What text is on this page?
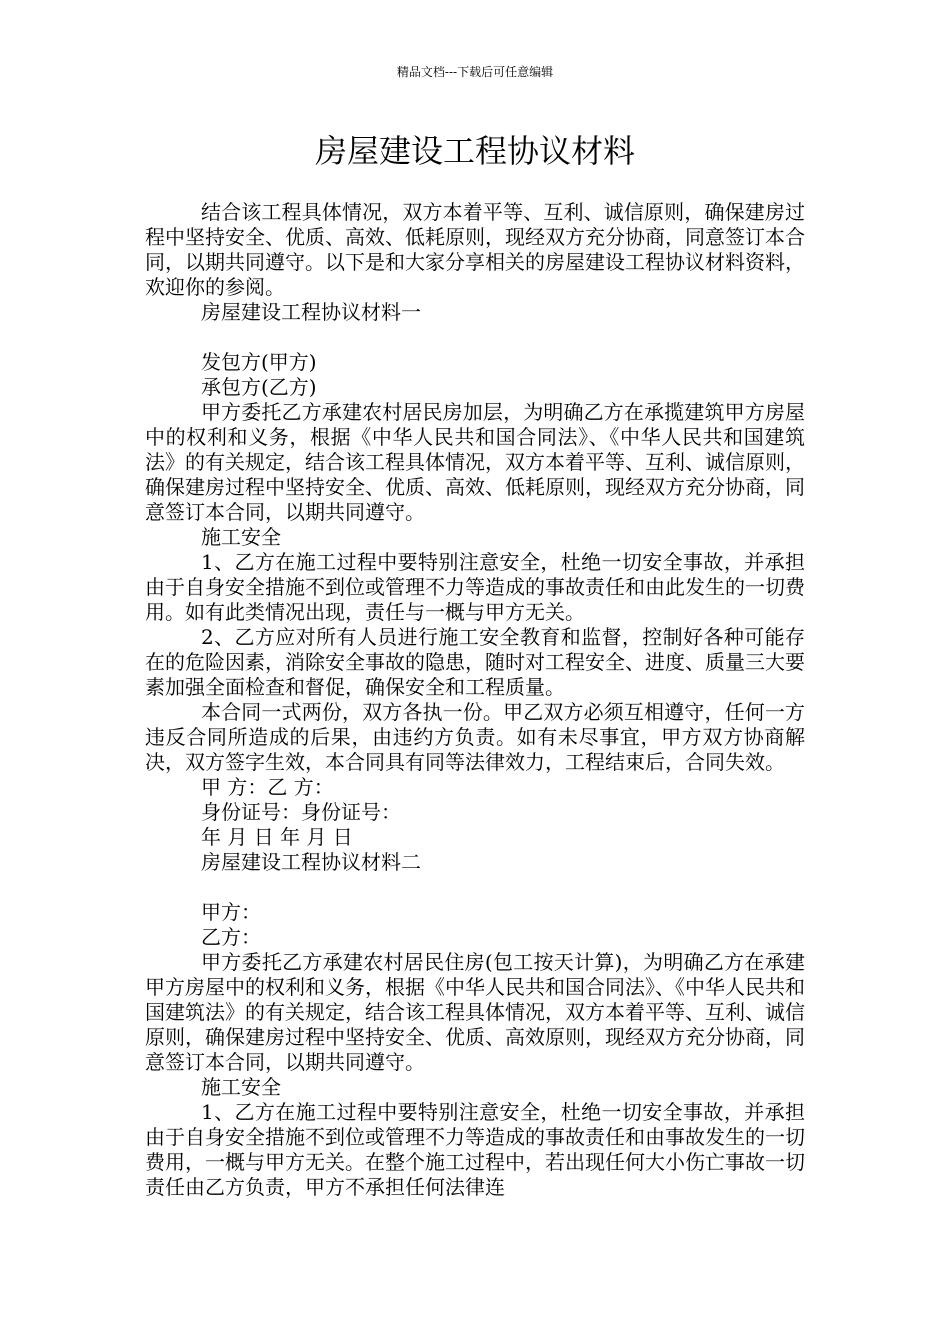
精品文档---下载后可任意编辑
房屋建设工程协议材料

结合该工程具体情况，双方本着平等、互利、诚信原则，确保建房过程中坚持安全、优质、高效、低耗原则，现经双方充分协商，同意签订本合同，以期共同遵守。以下是和大家分享相关的房屋建设工程协议材料资料，欢迎你的参阅。

房屋建设工程协议材料一

发包方(甲方)

承包方(乙方)

甲方委托乙方承建农村居民房加层，为明确乙方在承揽建筑甲方房屋中的权利和义务，根据《中华人民共和国合同法》、《中华人民共和国建筑法》的有关规定，结合该工程具体情况，双方本着平等、互利、诚信原则，确保建房过程中坚持安全、优质、高效、低耗原则，现经双方充分协商，同意签订本合同，以期共同遵守。

施工安全

1、乙方在施工过程中要特别注意安全，杜绝一切安全事故，并承担由于自身安全措施不到位或管理不力等造成的事故责任和由此发生的一切费用。如有此类情况出现，责任与一概与甲方无关。

2、乙方应对所有人员进行施工安全教育和监督，控制好各种可能存在的危险因素，消除安全事故的隐患，随时对工程安全、进度、质量三大要素加强全面检查和督促，确保安全和工程质量。

本合同一式两份，双方各执一份。甲乙双方必须互相遵守，任何一方违反合同所造成的后果，由违约方负责。如有未尽事宜，甲方双方协商解决，双方签字生效，本合同具有同等法律效力，工程结束后，合同失效。

甲 方：乙 方：

身份证号：身份证号：

年 月 日 年 月 日

房屋建设工程协议材料二

甲方：

乙方：

甲方委托乙方承建农村居民住房(包工按天计算)，为明确乙方在承建甲方房屋中的权利和义务，根据《中华人民共和国合同法》、《中华人民共和国建筑法》的有关规定，结合该工程具体情况，双方本着平等、互利、诚信原则，确保建房过程中坚持安全、优质、高效原则，现经双方充分协商，同意签订本合同，以期共同遵守。

施工安全

1、乙方在施工过程中要特别注意安全，杜绝一切安全事故，并承担由于自身安全措施不到位或管理不力等造成的事故责任和由事故发生的一切费用，一概与甲方无关。在整个施工过程中，若出现任何大小伤亡事故一切责任由乙方负责，甲方不承担任何法律连
